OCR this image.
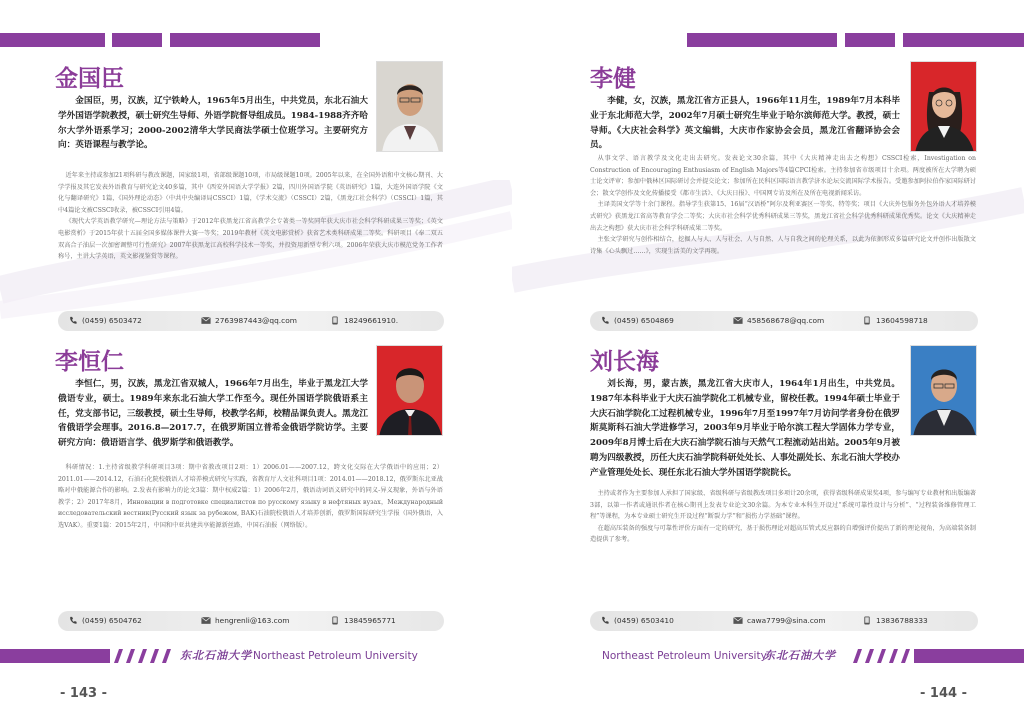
金国臣
金国臣，男，汉族，辽宁铁岭人，1965年5月出生，中共党员，东北石油大学外国语学院教授，硕士研究生导师、外语学院督导组成员。1984-1988齐齐哈尔大学外语系学习；2000-2002清华大学民商法学硕士位班学习。主要研究方向：英语课程与教学论。

近年来主持或参加21项科研与教改课题，国家级1项，省部级课题10项，市局级课题10项。2005年以来，在全国外语和中文核心期刊、大学学报及其它发表外语教育与研究论文40多篇，其中《西安外国语大学学报》2篇，四川外国语学院《英语研究》1篇，大连外国语学院《文化与翻译研究》1篇，《国外理论动态》（中共中央编译局CSSCI）1篇，《学术交流》（CSSCI）2篇，《黑龙江社会科学》（CSSCI）1篇，其中4篇论文被CSSCI收录，被CSSCI引用4篇。

《现代大学英语教学研究—理论方法与策略》于2012年获黑龙江省高教学会专著类一等奖同年获大庆市社会科学科研成果三等奖；《英文电影赏析》于2015年获十五届全国多媒体课件大赛一等奖；2019年教材《英文电影赏析》获省艺术类科研成果二等奖。科研项目《奉二双五双高合子油层一次加密调整可行性研究》2007年获黑龙江高校科学技术一等奖，并投资用新型专利六项。2006年荣获大庆市模范党务工作者称号，主讲大学英语，英文影视鉴赏等课程。

(0459) 6503472	2763987443@qq.com	18249661910.
李恒仁
李恒仁，男，汉族，黑龙江省双城人，1966年7月出生，毕业于黑龙江大学俄语专业，硕士。1989年来东北石油大学工作至今。现任外国语学院俄语系主任，党支部书记，三级教授，硕士生导师，校教学名师，校精品课负责人。黑龙江省俄语学会理事。2016.8—2017.7，在俄罗斯国立普希金俄语学院访学。主要研究方向：俄语语言学、俄罗斯学和俄语教学。

科研情况：1.主持省级教学科研项目3项：期中省教改项目2项：1）2006.01——2007.12，跨文化交际在大学俄语中的应用；2）2011.01——2014.12，石油石化院校俄语人才培养模式研究与实践，省教育厅人文社科项目1项：2014.01——2018.12，俄罗斯东北亚战略对中俄能源合作的影响。2.发表有影响力的论文3篇：期中权威2篇：1）2006年2月，俄语动词语义研究中的同义-异义现象，外语与外语教学；2）2017年8月，Инновации в подготовке специалистов по русскому языку в нефтяных вузах，Международный исследовательский вестник(Русский язык за рубежом, ВАК)石油院校俄语人才培养创新，俄罗斯国际研究生学报（国外俄语，入选VAK）。重要1篇：2015年2月，中国和中亚共建共享能源新丝路，中国石油报（网络版）。

(0459) 6504762	hengrenli@163.com	13845965771
东北石油大学 Northeast Petroleum University
- 143 -
李健
李健，女，汉族，黑龙江省方正县人，1966年11月生，1989年7月本科毕业于东北师范大学，2002年7月硕士研究生毕业于哈尔滨师范大学。教授，硕士导师。《大庆社会科学》英文编辑，大庆市作家协会会员，黑龙江省翻译协会会员。

从事文学、语言教学及文化走出去研究。发表论文30余篇，其中《大庆精神走出去之构想》CSSCI检索，Investigation on Construction of Encouraging Enthusiasm of English Majors等4篇CPCI检索。主持参加省市级项目十余项。两度被所在大学聘为硕士论文评审；参加中俄林区国际研讨会并提交论文；参加所在民科区国际语言教学济水论坛交流国际学术报告。受邀参加阿拉伯作家国际研讨会；散文学创作及文化传播接受《都市生活》、《大庆日报》、中国网专访及所在及所在电视新闻采访。

主译美国文学等十余门课程。指导学生获第15、16届“汉语桥”阿尔及利亚赛区一等奖、特等奖；项目《大庆外包服务外包外语人才培养模式研究》获黑龙江省高等教育学会二等奖；大庆市社会科学优秀科研成果三等奖，黑龙江省社会科学优秀科研成果优秀奖。论文《大庆精神走出去之构想》获大庆市社会科学科研成果二等奖。

主张文学研究与创作相结合，挖掘人与人、人与社会、人与自然、人与自我之间的伦理关系，以此为依据形成多篇研究论文并创作出版散文诗集《心头飘过……》，实现生活美的文学再现。

(0459) 6504869	458568678@qq.com	13604598718
刘长海
刘长海，男，蒙古族，黑龙江省大庆市人，1964年1月出生，中共党员。1987年本科毕业于大庆石油学院化工机械专业，留校任教。1994年硕士毕业于大庆石油学院化工过程机械专业，1996年7月至1997年7月访问学者身份在俄罗斯莫斯科石油大学进修学习，2003年9月毕业于哈尔滨工程大学固体力学专业，2009年8月博士后在大庆石油学院石油与天然气工程流动站出站。2005年9月被聘为四级教授，历任大庆石油学院科研处处长、人事处副处长、东北石油大学校办产业管理处处长、现任东北石油大学外国语学院院长。

主持或者作为主要参加人承担了国家级、省级科研与省级教改项目多项计20余项，获得省级科研成果奖4项，参与编写专业教材和出版编著3部，以第一作者或通讯作者在核心期刊上发表专业论文30余篇。为本专业本科生开设过“系统可靠性设计与分析”、“过程装备维修管理工程”等课程，为本专业硕士研究生开设过程“断裂力学”和“损伤力学基础”课程。

在超高压装备的强度与可靠性评价方面有一定的研究，基于损伤理论对超高压管式反应器的自增强评价提出了新的理论视角，为高端装备制造提供了参考。

(0459) 6503410	cawa7799@sina.com	13836788333
Northeast Petroleum University
东北石油大学
- 144 -
